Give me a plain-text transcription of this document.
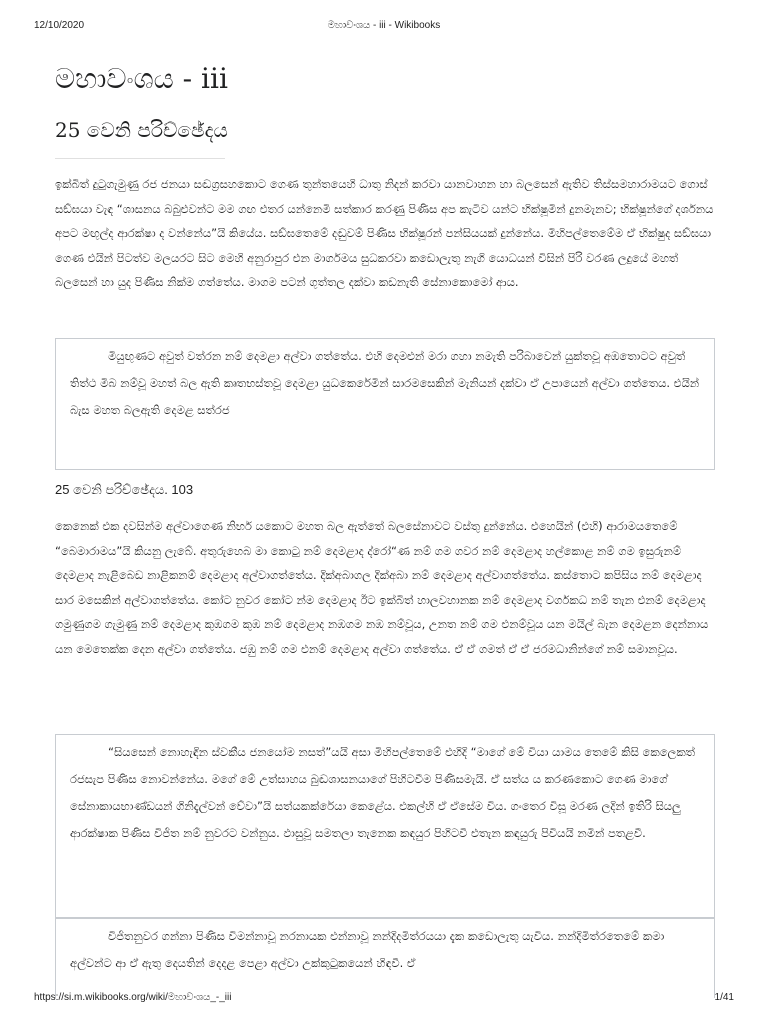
12/10/2020	මහාවංශය - iii - Wikibooks
මහාවංශය - iii
25 වෙනි පරිච්ඡේදය

ඉක්බිත් දුටුගැමුණු රජ ජනයා සඬග්‍රසහකොට ගෙණ තුන්තයෙහි ධාතු නිදන් කරවා යානවාහන හා බලසෙන් ඇතිව තිස්සමහාරාමයට ගොස් සඞ්ඝයා වැඳ “ශාසනය බබුළුවන්ට මම ගඟ එතර යන්නෙමි සත්කාර කරණු පිණිස අප කැටිව යන්ට භික්ෂූමින් දුනමැනව; භික්ෂූන්ගේ දර්ශනය අපට මඟුල්ද ආරක්ෂා ද වන්නේය”යි කියේය. සඞ්ඝතෙමේ දඬුවම් පිණිස භික්ෂූරන් පන්සියයක් දුන්නේය. මිහිපල්තෙමේම ඒ භික්ෂුද සඞ්ඝයා ගෙණ එයින් පිටත්ව මලයරට සිට මෙහි අනුරාපුර එන මාර්ගමය සුධකරවා කඩොලැතු නැගි යොධයන් විසින් පිරි වරණ ලදුයේ මහත් බලසෙන් හා යුද පිණිස නික්ම ගත්තේය. මාගම පටන් ගුත්තල දක්වා කඩනැති සේනාකොමෝ ආය.

මියුඟුණට අවුත් වත්රන නම් දෙමළා අල්වා ගත්තේය. එහි දෙමළුන් මරා ගහා නමැති පරිබාවෙන් යුක්තවූ අඹතොටට අවුත් තිත්ථ මිබ නම්වූ මහත් බල ඇති කෘතභස්තවූ දෙමළා යුධකෙරේමින් සාරමසෙකින් මැනියන් දක්වා ඒ උපායෙන් අල්වා ගත්තෙය. එයින් බැස මහත බලඇති දෙමළ සත්රජ

25 වෙනි පරිච්ඡේදය. 103

කෙනෙක් එක දවසින්ම අල්වාගෙණ නිර්භ යකොට මහත බල ඇත්තේ බලසේනාවට වස්තු දුන්නේය. එහෙයින් (එහි) ආරාමයතෙමේ “බෙමාරාමය”යි කියනු ලැබේ. අතුරුහෙබ මා කොටු නම් දෙමළාද ද්රෝ“ණ නම් ගම ගවර නම් දෙමළාද හල්කොළ නම් ගම ඉසුරුනම් දෙමළාද නැළිබෙඩ නාළිකනම් දෙමළාද අල්වාගත්තේය. දික්අබාගල දික්අබා නම් දෙමළාද අල්වාගත්තේය. කස්තොට කපිසිය නම් දෙමළාද සාර මසෙකින් අල්වාගත්තේය. කෝට නුවර කෝට න්ම දෙමළාද ඊට ඉක්බිත් හාලවහානක නම් දෙමළාද වර්ගකධ නම් තැන එනම් දෙමළාද ගමුණුගම ගැමුණු නම් දෙමළාද කුඹගම කුඹ නම් දෙමළාද නඹගම නඹ නම්වූය, උනත නම් ගම එනම්වූය යන මයිල් බැන දෙමළන දෙන්නාය යන මෙතෙක්ක දෙන අල්වා ගත්තේය. ජඹු නම් ගම එනම් දෙමළාද අල්වා ගත්තේය. ඒ ඒ ගමත් ඒ ඒ ජරමධානින්ගේ නම් සමානවූය.

“සියසෙන් නොහැඳින ස්වකීය ජනයෝම නසත්”යයි අසා මිහිපල්තෙමේ එහිදි “මාගේ මේ වියා යාමය තෙමේ කිසි කෙලෙකත් රජසැප පිණිස නොවන්නේය. මගේ මේ උත්සාහය බුඬශාසනයාගේ පිහිටවීම පිණිසමැයි. ඒ සත්ය ය කරණකොට ගෙණ මාගේ සේනාකායභාණ්ඩයන් ගිනිදැල්වන් වේවා”යි සත්යකක්රේයා කෙළේය. එකල්හි ඒ ඒසේම විය. ගංතෙර විසූ මරණ ලදින් ඉතිරි සියලු ආරක්ෂාක පිණිස විජිත නම් නුවරට වන්නුය. ඵාසුවූ සමතලා තැනෙක කඳයුර පිහිටවී එතැන කඳයුරු පිවියයි නමින් පතළවී.

විජිතනුවර ගන්නා පිණිස විමන්නාවූ නරනායක එන්නාවූ නන්දිදමිත්රයයා දැක කඩොලැතු යැවිය. නන්දිමිත්රතෙමේ කමා අල්වන්ට ආ ඒ ඇතු දෙයතින් දෙදළ පෙළා අල්වා උක්කුටුකයෙන් හිඳවී. ඒ

https://si.m.wikibooks.org/wiki/මහාවංශය_-_iii	1/41
